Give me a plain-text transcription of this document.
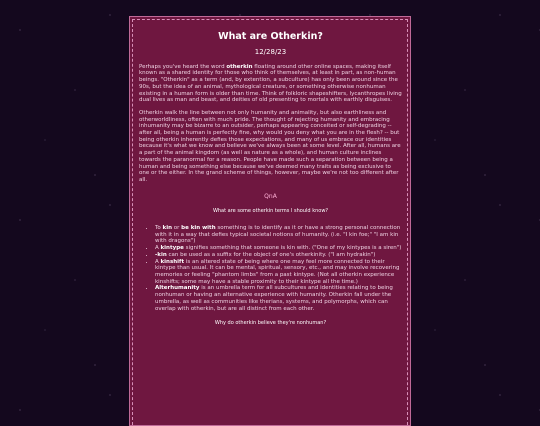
What are Otherkin?
12/28/23

Perhaps you've heard the word otherkin floating around other online spaces, making itself known as a shared identity for those who think of themselves, at least in part, as non-human beings. "Otherkin" as a term (and, by extention, a subculture) has only been around since the 90s, but the idea of an animal, mythological creature, or something otherwise nonhuman existing in a human form is older than time. Think of folkloric shapeshifters, lycanthropes living dual lives as man and beast, and deities of old presenting to mortals with earthly disguises.

Otherkin walk the line between not only humanity and animality, but also earthliness and otherworldliness, often with much pride. The thought of rejecting humanity and embracing inhumanity may be bizarre to an outsider, perhaps appearing conceited or self-degrading -- after all, being a human is perfectly fine, why would you deny what you are in the flesh? -- but being otherkin inherently defies those expectations, and many of us embrace our identities because it's what we know and believe we've always been at some level. After all, humans are a part of the animal kingdom (as well as nature as a whole), and human culture inclines towards the paranormal for a reason. People have made such a separation between being a human and being something else because we've deemed many traits as being exclusive to one or the either. In the grand scheme of things, however, maybe we're not too different after all.

QnA
What are some otherkin terms I should know?
• To kin or be kin with something is to identify as it or have a strong personal connection with it in a way that defies typical societal notions of humanity. (i.e. "I kin foe;" "I am kin with dragons")
• A kintype signifies something that someone is kin with. ("One of my kintypes is a siren")
• -kin can be used as a suffix for the object of one's otherkinity. ("I am hydrakin")
• A kinshift is an altered state of being where one may feel more connected to their kintype than usual. It can be mental, spiritual, sensory, etc., and may involve recovering memories or feeling "phantom limbs" from a past kintype. (Not all otherkin experience kinshifts; some may have a stable proximity to their kintype all the time.)
• Alterhumanity is an umbrella term for all subcultures and identities relating to being nonhuman or having an alternative experience with humanity. Otherkin fall under the umbrella, as well as communities like therians, systems, and polymorphs, which can overlap with otherkin, but are all distinct from each other.
Why do otherkin believe they're nonhuman?
